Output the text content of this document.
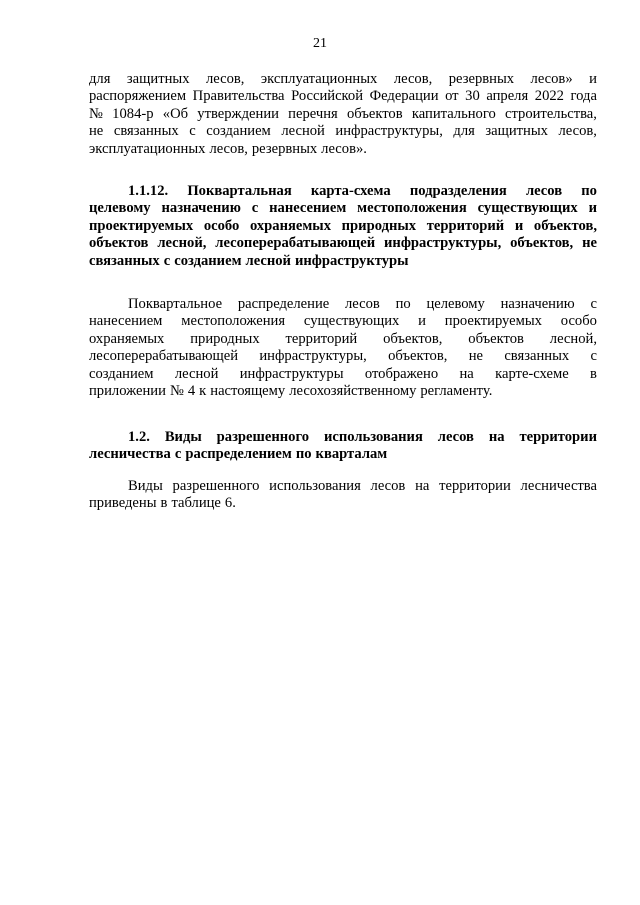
21
для защитных лесов, эксплуатационных лесов, резервных лесов» и
распоряжением Правительства Российской Федерации от 30 апреля 2022 года
№ 1084-р «Об утверждении перечня объектов капитального строительства,
не связанных с созданием лесной инфраструктуры, для защитных лесов,
эксплуатационных лесов, резервных лесов».
1.1.12. Поквартальная карта-схема подразделения лесов по
целевому назначению с нанесением местоположения существующих и
проектируемых особо охраняемых природных территорий и объектов,
объектов лесной, лесоперерабатывающей инфраструктуры, объектов, не
связанных с созданием лесной инфраструктуры
Поквартальное распределение лесов по целевому назначению с
нанесением местоположения существующих и проектируемых особо
охраняемых природных территорий объектов, объектов лесной,
лесоперерабатывающей инфраструктуры, объектов, не связанных с
созданием лесной инфраструктуры отображено на карте-схеме в
приложении № 4 к настоящему лесохозяйственному регламенту.
1.2. Виды разрешенного использования лесов на территории
лесничества с распределением по кварталам
Виды разрешенного использования лесов на территории лесничества
приведены в таблице 6.
